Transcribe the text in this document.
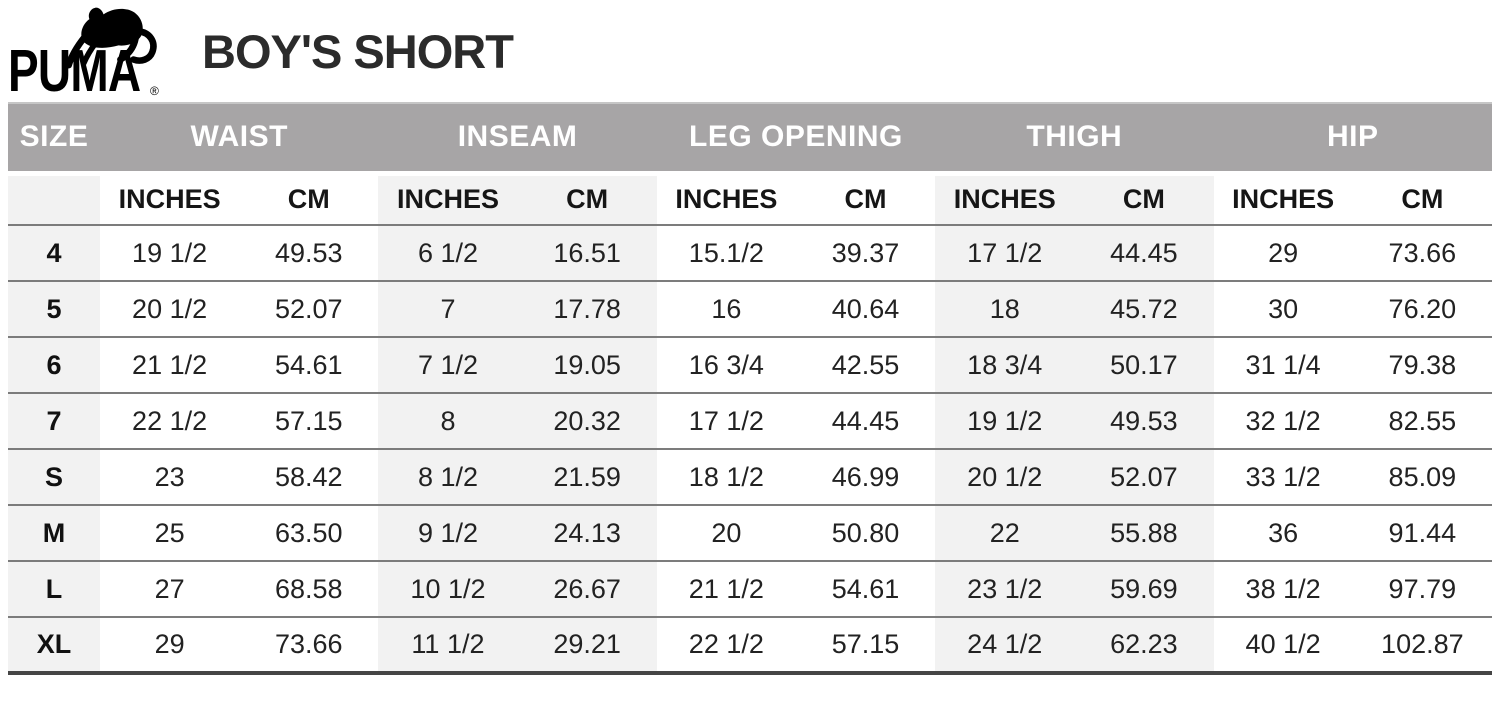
PUMA ®
BOY'S SHORT
SIZE	WAIST		INSEAM		LEG OPENING		THIGH		HIP	
	INCHES	CM	INCHES	CM	INCHES	CM	INCHES	CM	INCHES	CM
4	19 1/2	49.53	6 1/2	16.51	15.1/2	39.37	17 1/2	44.45	29	73.66
5	20 1/2	52.07	7	17.78	16	40.64	18	45.72	30	76.20
6	21 1/2	54.61	7 1/2	19.05	16 3/4	42.55	18 3/4	50.17	31 1/4	79.38
7	22 1/2	57.15	8	20.32	17 1/2	44.45	19 1/2	49.53	32 1/2	82.55
S	23	58.42	8 1/2	21.59	18 1/2	46.99	20 1/2	52.07	33 1/2	85.09
M	25	63.50	9 1/2	24.13	20	50.80	22	55.88	36	91.44
L	27	68.58	10 1/2	26.67	21 1/2	54.61	23 1/2	59.69	38 1/2	97.79
XL	29	73.66	11 1/2	29.21	22 1/2	57.15	24 1/2	62.23	40 1/2	102.87
